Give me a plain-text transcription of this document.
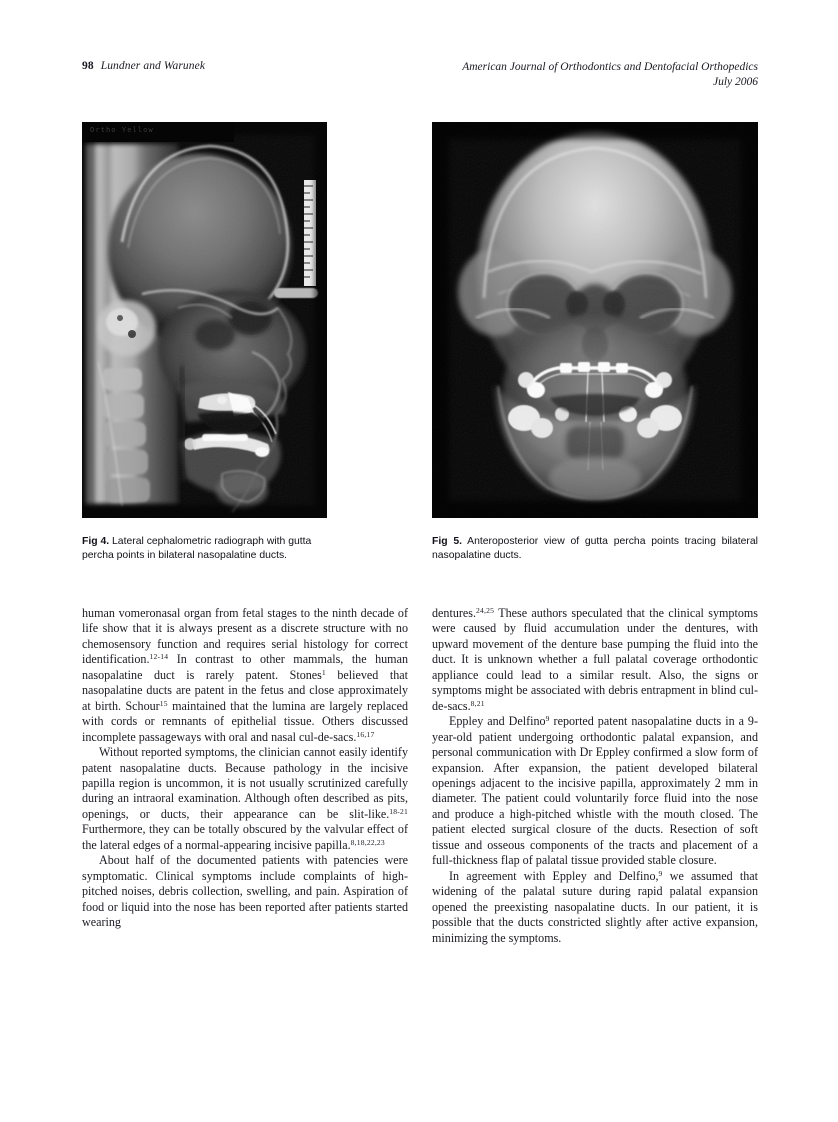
98 Lundner and Warunek	American Journal of Orthodontics and Dentofacial Orthopedics
July 2006
Ortho Yellow
Fig 4. Lateral cephalometric radiograph with gutta percha points in bilateral nasopalatine ducts.
Fig 5. Anteroposterior view of gutta percha points tracing bilateral nasopalatine ducts.

human vomeronasal organ from fetal stages to the ninth decade of life show that it is always present as a discrete structure with no chemosensory function and requires serial histology for correct identification.$^{12-14}$ In contrast to other mammals, the human nasopalatine duct is rarely patent. Stones$^1$ believed that nasopalatine ducts are patent in the fetus and close approximately at birth. Schour$^{15}$ maintained that the lumina are largely replaced with cords or remnants of epithelial tissue. Others discussed incomplete passageways with oral and nasal cul-de-sacs.$^{16,17}$

Without reported symptoms, the clinician cannot easily identify patent nasopalatine ducts. Because pathology in the incisive papilla region is uncommon, it is not usually scrutinized carefully during an intraoral examination. Although often described as pits, openings, or ducts, their appearance can be slit-like.$^{18-21}$ Furthermore, they can be totally obscured by the valvular effect of the lateral edges of a normal-appearing incisive papilla.$^{8,18,22,23}$

About half of the documented patients with patencies were symptomatic. Clinical symptoms include complaints of high-pitched noises, debris collection, swelling, and pain. Aspiration of food or liquid into the nose has been reported after patients started wearing

dentures.$^{24,25}$ These authors speculated that the clinical symptoms were caused by fluid accumulation under the dentures, with upward movement of the denture base pumping the fluid into the duct. It is unknown whether a full palatal coverage orthodontic appliance could lead to a similar result. Also, the signs or symptoms might be associated with debris entrapment in blind cul-de-sacs.$^{8,21}$

Eppley and Delfino$^9$ reported patent nasopalatine ducts in a 9-year-old patient undergoing orthodontic palatal expansion, and personal communication with Dr Eppley confirmed a slow form of expansion. After expansion, the patient developed bilateral openings adjacent to the incisive papilla, approximately 2 mm in diameter. The patient could voluntarily force fluid into the nose and produce a high-pitched whistle with the mouth closed. The patient elected surgical closure of the ducts. Resection of soft tissue and osseous components of the tracts and placement of a full-thickness flap of palatal tissue provided stable closure.

In agreement with Eppley and Delfino,$^9$ we assumed that widening of the palatal suture during rapid palatal expansion opened the preexisting nasopalatine ducts. In our patient, it is possible that the ducts constricted slightly after active expansion, minimizing the symptoms.
